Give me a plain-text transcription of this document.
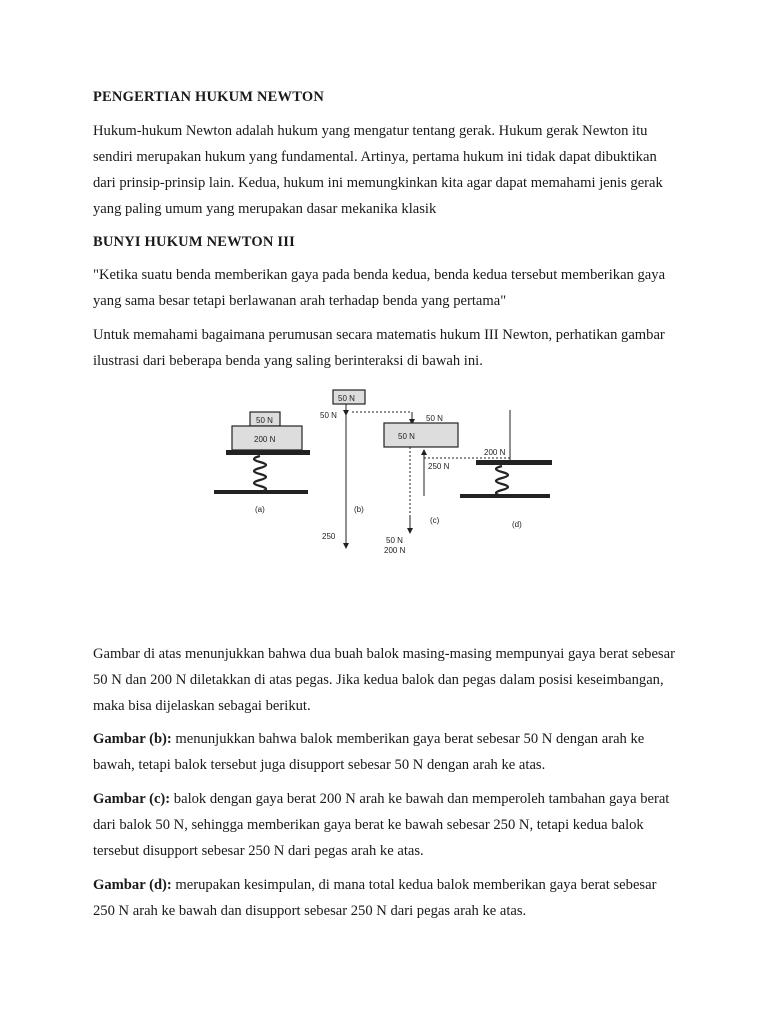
PENGERTIAN HUKUM NEWTON

Hukum-hukum Newton adalah hukum yang mengatur tentang gerak. Hukum gerak Newton itu sendiri merupakan hukum yang fundamental. Artinya, pertama hukum ini tidak dapat dibuktikan dari prinsip-prinsip lain. Kedua, hukum ini memungkinkan kita agar dapat memahami jenis gerak yang paling umum yang merupakan dasar mekanika klasik

BUNYI HUKUM NEWTON III

"Ketika suatu benda memberikan gaya pada benda kedua, benda kedua tersebut memberikan gaya yang sama besar tetapi berlawanan arah terhadap benda yang pertama"

Untuk memahami bagaimana perumusan secara matematis hukum III Newton, perhatikan gambar ilustrasi dari beberapa benda yang saling berinteraksi di bawah ini.

Gambar di atas menunjukkan bahwa dua buah balok masing-masing mempunyai gaya berat sebesar 50 N dan 200 N diletakkan di atas pegas. Jika kedua balok dan pegas dalam posisi keseimbangan, maka bisa dijelaskan sebagai berikut.

Gambar (b): menunjukkan bahwa balok memberikan gaya berat sebesar 50 N dengan arah ke bawah, tetapi balok tersebut juga disupport sebesar 50 N dengan arah ke atas.

Gambar (c): balok dengan gaya berat 200 N arah ke bawah dan memperoleh tambahan gaya berat dari balok 50 N, sehingga memberikan gaya berat ke bawah sebesar 250 N, tetapi kedua balok tersebut disupport sebesar 250 N dari pegas arah ke atas.

Gambar (d): merupakan kesimpulan, di mana total kedua balok memberikan gaya berat sebesar 250 N arah ke bawah dan disupport sebesar 250 N dari pegas arah ke atas.

50 N
200 N
(a)
50 N
50 N
250
(b)
50 N
50 N
250 N
50 N
200 N
(c)
200 N
(d)
